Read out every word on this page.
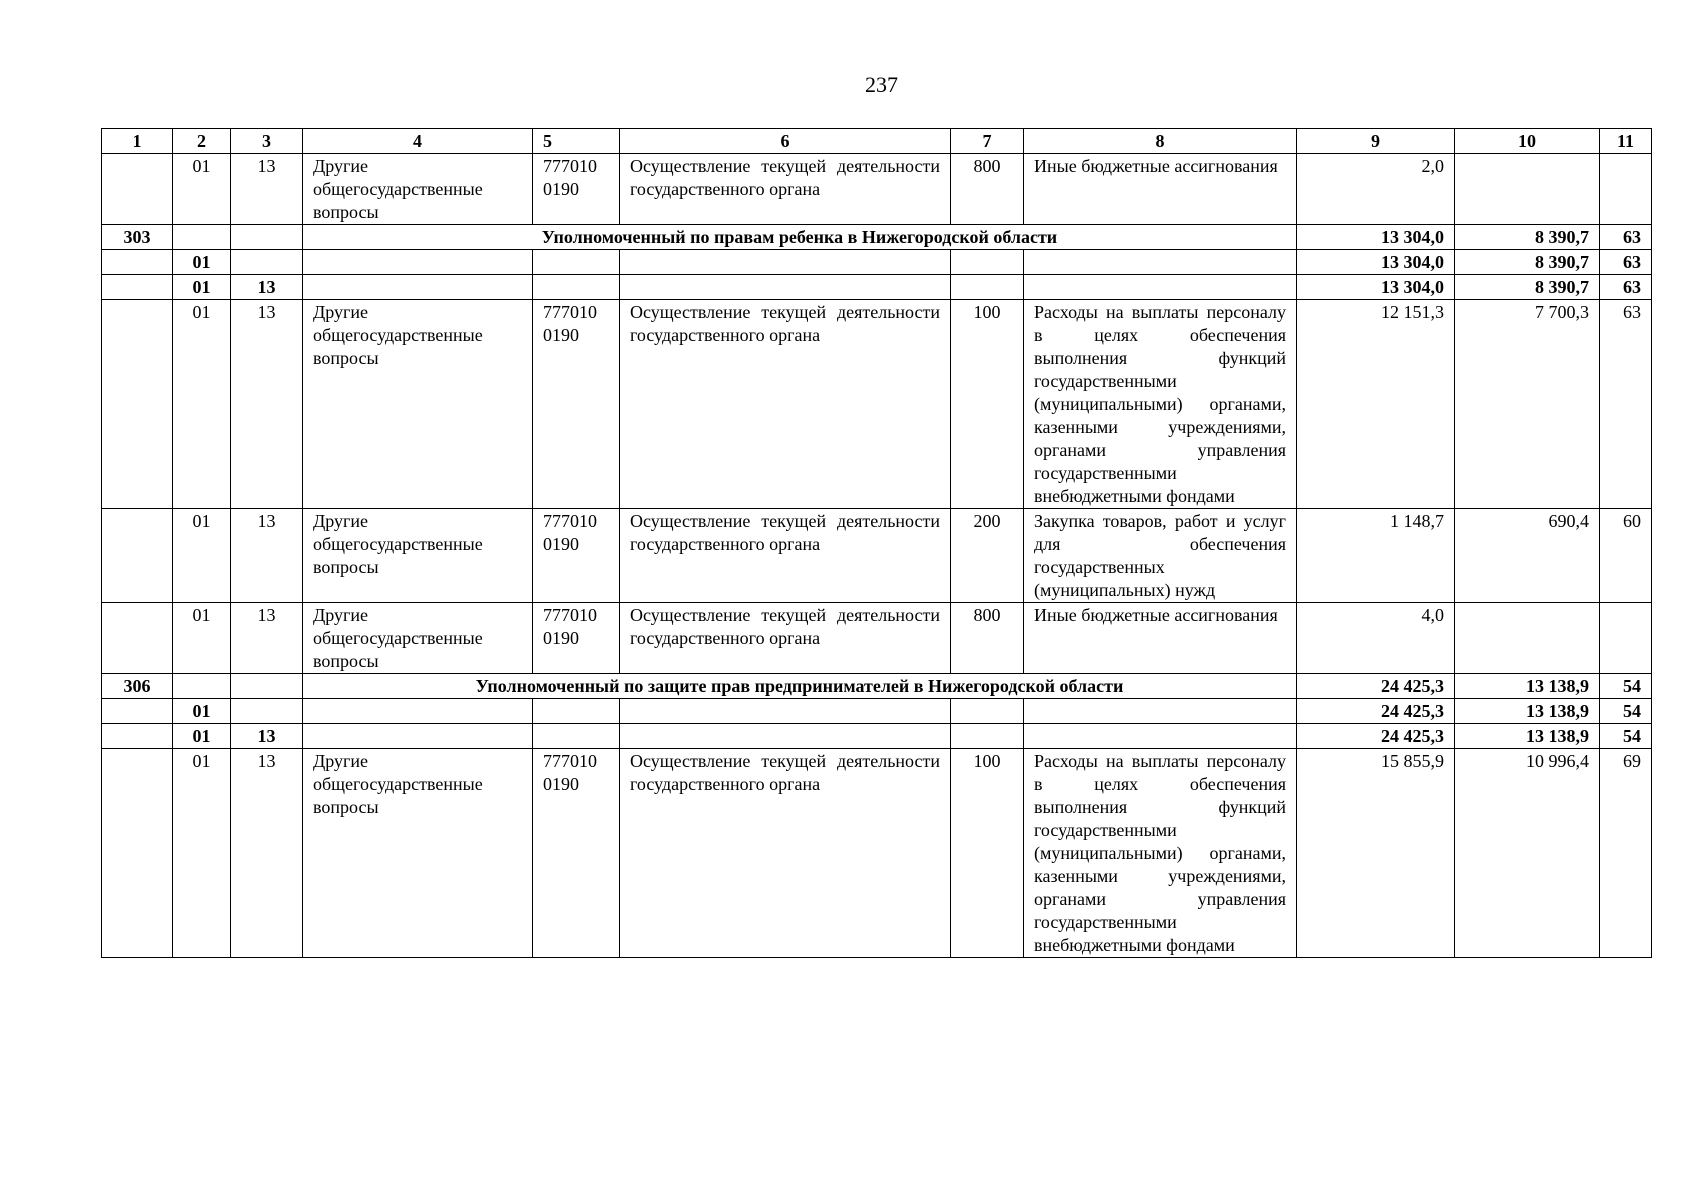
237
1	2	3	4	5	6	7	8	9	10	11
	01	13	Другие общегосударственные вопросы	777010 0190	Осуществление текущей деятельности государственного органа	800	Иные бюджетные ассигнования	2,0		
303			Уполномоченный по правам ребенка в Нижегородской области					13 304,0	8 390,7	63
	01							13 304,0	8 390,7	63
	01	13						13 304,0	8 390,7	63
	01	13	Другие общегосударственные вопросы	777010 0190	Осуществление текущей деятельности государственного органа	100	Расходы на выплаты персоналу в целях обеспечения выполнения функций государственными (муниципальными) органами, казенными учреждениями, органами управления государственными внебюджетными фондами	12 151,3	7 700,3	63
	01	13	Другие общегосударственные вопросы	777010 0190	Осуществление текущей деятельности государственного органа	200	Закупка товаров, работ и услуг для обеспечения государственных (муниципальных) нужд	1 148,7	690,4	60
	01	13	Другие общегосударственные вопросы	777010 0190	Осуществление текущей деятельности государственного органа	800	Иные бюджетные ассигнования	4,0		
306			Уполномоченный по защите прав предпринимателей в Нижегородской области					24 425,3	13 138,9	54
	01							24 425,3	13 138,9	54
	01	13						24 425,3	13 138,9	54
	01	13	Другие общегосударственные вопросы	777010 0190	Осуществление текущей деятельности государственного органа	100	Расходы на выплаты персоналу в целях обеспечения выполнения функций государственными (муниципальными) органами, казенными учреждениями, органами управления государственными внебюджетными фондами	15 855,9	10 996,4	69
